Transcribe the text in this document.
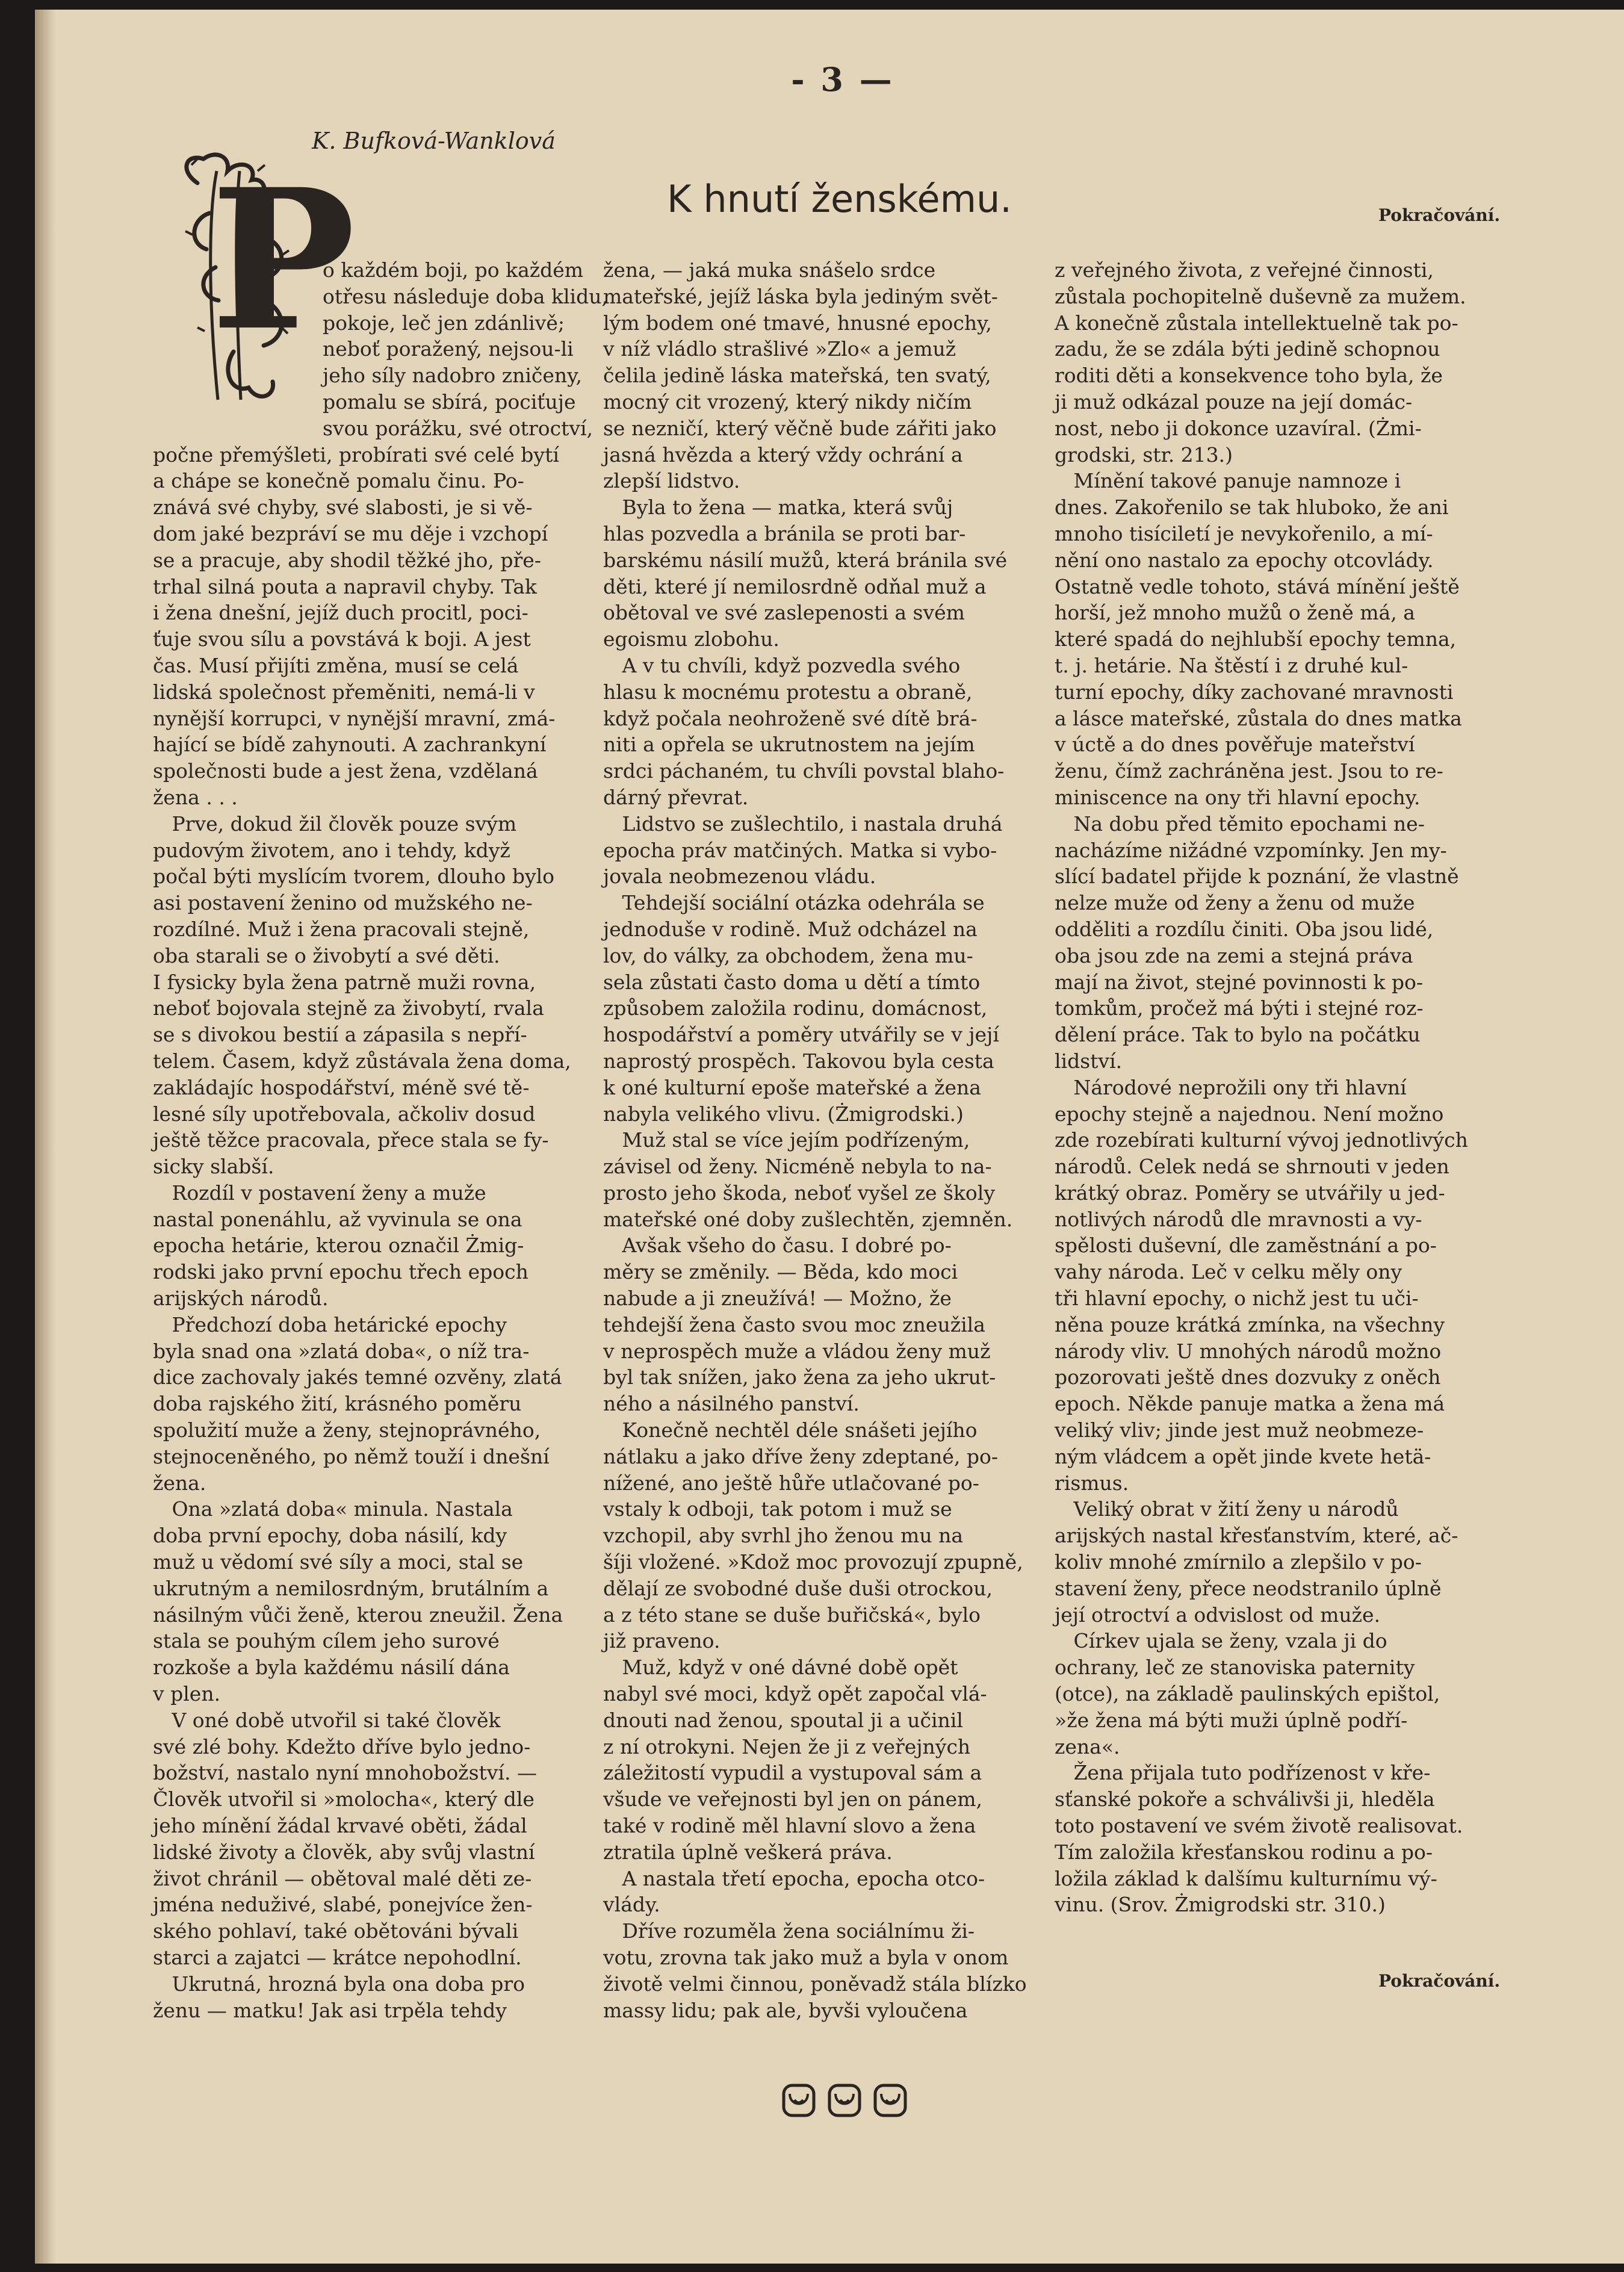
- 3 —
K. Bufková-Wanklová
K hnutí ženskému.	Pokračování.
P
o každém boji, po každém
otřesu následuje doba klidu,
pokoje, leč jen zdánlivě;
neboť poražený, nejsou-li
jeho síly nadobro zničeny,
pomalu se sbírá, pociťuje
svou porážku, své otroctví,
počne přemýšleti, probírati své celé bytí
a chápe se konečně pomalu činu. Po-
znává své chyby, své slabosti, je si vě-
dom jaké bezpráví se mu děje i vzchopí
se a pracuje, aby shodil těžké jho, pře-
trhal silná pouta a napravil chyby. Tak
i žena dnešní, jejíž duch procitl, poci-
ťuje svou sílu a povstává k boji. A jest
čas. Musí přijíti změna, musí se celá
lidská společnost přeměniti, nemá-li v
nynější korrupci, v nynější mravní, zmá-
hající se bídě zahynouti. A zachrankyní
společnosti bude a jest žena, vzdělaná
žena . . .
Prve, dokud žil člověk pouze svým
pudovým životem, ano i tehdy, když
počal býti myslícím tvorem, dlouho bylo
asi postavení ženino od mužského ne-
rozdílné. Muž i žena pracovali stejně,
oba starali se o živobytí a své děti.
I fysicky byla žena patrně muži rovna,
neboť bojovala stejně za živobytí, rvala
se s divokou bestií a zápasila s nepří-
telem. Časem, když zůstávala žena doma,
zakládajíc hospodářství, méně své tě-
lesné síly upotřebovala, ačkoliv dosud
ještě těžce pracovala, přece stala se fy-
sicky slabší.
Rozdíl v postavení ženy a muže
nastal ponenáhlu, až vyvinula se ona
epocha hetárie, kterou označil Żmig-
rodski jako první epochu třech epoch
arijských národů.
Předchozí doba hetárické epochy
byla snad ona »zlatá doba«, o níž tra-
dice zachovaly jakés temné ozvěny, zlatá
doba rajského žití, krásného poměru
spolužití muže a ženy, stejnoprávného,
stejnoceněného, po němž touží i dnešní
žena.
Ona »zlatá doba« minula. Nastala
doba první epochy, doba násilí, kdy
muž u vědomí své síly a moci, stal se
ukrutným a nemilosrdným, brutálním a
násilným vůči ženě, kterou zneužil. Žena
stala se pouhým cílem jeho surové
rozkoše a byla každému násilí dána
v plen.
V oné době utvořil si také člověk
své zlé bohy. Kdežto dříve bylo jedno-
božství, nastalo nyní mnohobožství. —
Člověk utvořil si »molocha«, který dle
jeho mínění žádal krvavé oběti, žádal
lidské životy a člověk, aby svůj vlastní
život chránil — obětoval malé děti ze-
jména neduživé, slabé, ponejvíce žen-
ského pohlaví, také obětováni bývali
starci a zajatci — krátce nepohodlní.
Ukrutná, hrozná byla ona doba pro
ženu — matku! Jak asi trpěla tehdy
žena, — jaká muka snášelo srdce
mateřské, jejíž láska byla jediným svět-
lým bodem oné tmavé, hnusné epochy,
v níž vládlo strašlivé »Zlo« a jemuž
čelila jedině láska mateřská, ten svatý,
mocný cit vrozený, který nikdy ničím
se nezničí, který věčně bude zářiti jako
jasná hvězda a který vždy ochrání a
zlepší lidstvo.
Byla to žena — matka, která svůj
hlas pozvedla a bránila se proti bar-
barskému násilí mužů, která bránila své
děti, které jí nemilosrdně odňal muž a
obětoval ve své zaslepenosti a svém
egoismu zlobohu.
A v tu chvíli, když pozvedla svého
hlasu k mocnému protestu a obraně,
když počala neohroženě své dítě brá-
niti a opřela se ukrutnostem na jejím
srdci páchaném, tu chvíli povstal blaho-
dárný převrat.
Lidstvo se zušlechtilo, i nastala druhá
epocha práv matčiných. Matka si vybo-
jovala neobmezenou vládu.
Tehdejší sociální otázka odehrála se
jednoduše v rodině. Muž odcházel na
lov, do války, za obchodem, žena mu-
sela zůstati často doma u dětí a tímto
způsobem založila rodinu, domácnost,
hospodářství a poměry utvářily se v její
naprostý prospěch. Takovou byla cesta
k oné kulturní epoše mateřské a žena
nabyla velikého vlivu. (Żmigrodski.)
Muž stal se více jejím podřízeným,
závisel od ženy. Nicméně nebyla to na-
prosto jeho škoda, neboť vyšel ze školy
mateřské oné doby zušlechtěn, zjemněn.
Avšak všeho do času. I dobré po-
měry se změnily. — Běda, kdo moci
nabude a ji zneužívá! — Možno, že
tehdejší žena často svou moc zneužila
v neprospěch muže a vládou ženy muž
byl tak snížen, jako žena za jeho ukrut-
ného a násilného panství.
Konečně nechtěl déle snášeti jejího
nátlaku a jako dříve ženy zdeptané, po-
nížené, ano ještě hůře utlačované po-
vstaly k odboji, tak potom i muž se
vzchopil, aby svrhl jho ženou mu na
šíji vložené. »Kdož moc provozují zpupně,
dělají ze svobodné duše duši otrockou,
a z této stane se duše buřičská«, bylo
již praveno.
Muž, když v oné dávné době opět
nabyl své moci, když opět započal vlá-
dnouti nad ženou, spoutal ji a učinil
z ní otrokyni. Nejen že ji z veřejných
záležitostí vypudil a vystupoval sám a
všude ve veřejnosti byl jen on pánem,
také v rodině měl hlavní slovo a žena
ztratila úplně veškerá práva.
A nastala třetí epocha, epocha otco-
vlády.
Dříve rozuměla žena sociálnímu ži-
votu, zrovna tak jako muž a byla v onom
životě velmi činnou, poněvadž stála blízko
massy lidu; pak ale, byvši vyloučena
z veřejného života, z veřejné činnosti,
zůstala pochopitelně duševně za mužem.
A konečně zůstala intellektuelně tak po-
zadu, že se zdála býti jedině schopnou
roditi děti a konsekvence toho byla, že
ji muž odkázal pouze na její domác-
nost, nebo ji dokonce uzavíral. (Żmi-
grodski, str. 213.)
Mínění takové panuje namnoze i
dnes. Zakořenilo se tak hluboko, že ani
mnoho tisíciletí je nevykořenilo, a mí-
nění ono nastalo za epochy otcovlády.
Ostatně vedle tohoto, stává mínění ještě
horší, jež mnoho mužů o ženě má, a
které spadá do nejhlubší epochy temna,
t. j. hetárie. Na štěstí i z druhé kul-
turní epochy, díky zachované mravnosti
a lásce mateřské, zůstala do dnes matka
v úctě a do dnes pověřuje mateřství
ženu, čímž zachráněna jest. Jsou to re-
miniscence na ony tři hlavní epochy.
Na dobu před těmito epochami ne-
nacházíme nižádné vzpomínky. Jen my-
slící badatel přijde k poznání, že vlastně
nelze muže od ženy a ženu od muže
odděliti a rozdílu činiti. Oba jsou lidé,
oba jsou zde na zemi a stejná práva
mají na život, stejné povinnosti k po-
tomkům, pročež má býti i stejné roz-
dělení práce. Tak to bylo na počátku
lidství.
Národové neprožili ony tři hlavní
epochy stejně a najednou. Není možno
zde rozebírati kulturní vývoj jednotlivých
národů. Celek nedá se shrnouti v jeden
krátký obraz. Poměry se utvářily u jed-
notlivých národů dle mravnosti a vy-
spělosti duševní, dle zaměstnání a po-
vahy národa. Leč v celku měly ony
tři hlavní epochy, o nichž jest tu uči-
něna pouze krátká zmínka, na všechny
národy vliv. U mnohých národů možno
pozorovati ještě dnes dozvuky z oněch
epoch. Někde panuje matka a žena má
veliký vliv; jinde jest muž neobmeze-
ným vládcem a opět jinde kvete hetä-
rismus.
Veliký obrat v žití ženy u národů
arijských nastal křesťanstvím, které, ač-
koliv mnohé zmírnilo a zlepšilo v po-
stavení ženy, přece neodstranilo úplně
její otroctví a odvislost od muže.
Církev ujala se ženy, vzala ji do
ochrany, leč ze stanoviska paternity
(otce), na základě paulinských epištol,
»že žena má býti muži úplně podří-
zena«.
Žena přijala tuto podřízenost v kře-
sťanské pokoře a schválivši ji, hleděla
toto postavení ve svém životě realisovat.
Tím založila křesťanskou rodinu a po-
ložila základ k dalšímu kulturnímu vý-
vinu. (Srov. Żmigrodski str. 310.)
Pokračování.
